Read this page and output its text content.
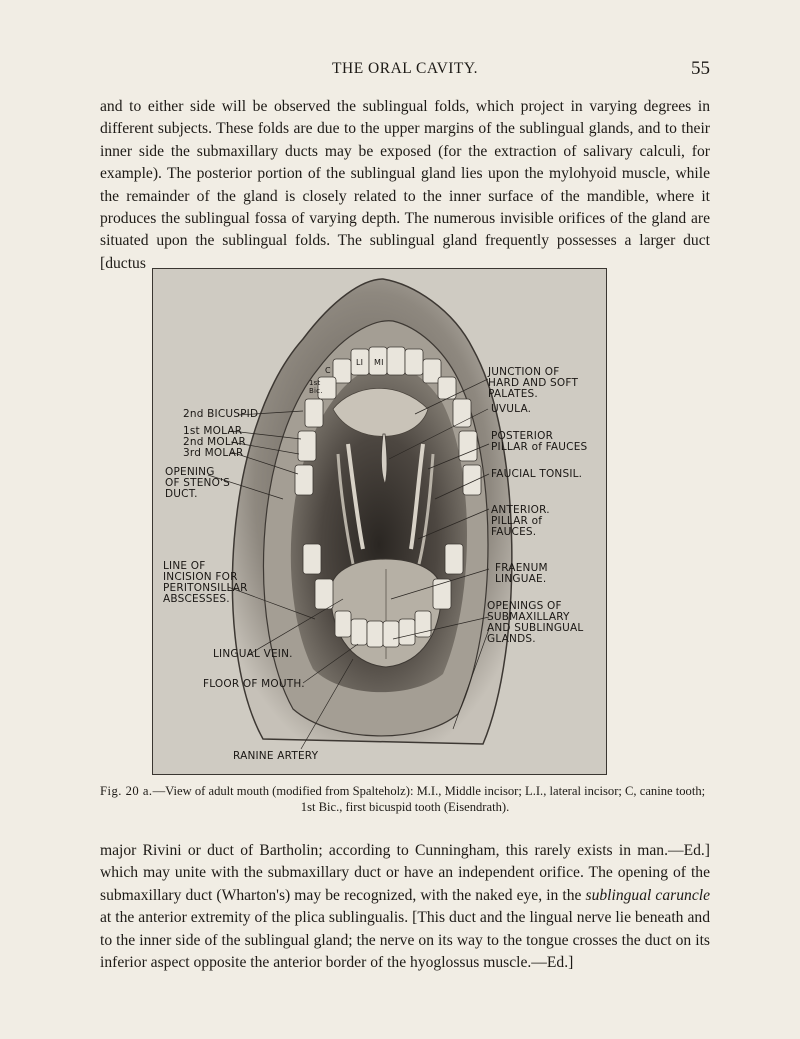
THE ORAL CAVITY.	55

and to either side will be observed the sublingual folds, which project in varying degrees in different subjects. These folds are due to the upper margins of the sublingual glands, and to their inner side the submaxillary ducts may be exposed (for the extraction of salivary calculi, for example). The posterior portion of the sublingual gland lies upon the mylohyoid muscle, while the remainder of the gland is closely related to the inner surface of the mandible, where it produces the sublingual fossa of varying depth. The numerous invisible orifices of the gland are situated upon the sublingual folds. The sublingual gland frequently possesses a larger duct [ductus

JUNCTION OF
HARD AND SOFT
PALATES.
UVULA.
POSTERIOR
PILLAR of FAUCES
FAUCIAL TONSIL.
ANTERIOR.
PILLAR of
FAUCES.
FRAENUM
LINGUAE.
OPENINGS OF
SUBMAXILLARY
AND SUBLINGUAL
GLANDS.
2nd BICUSPID
1st MOLAR
2nd MOLAR
3rd MOLAR
OPENING
OF STENO'S
DUCT.
LINE OF
INCISION FOR
PERITONSILLAR
ABSCESSES.
LINGUAL VEIN.
FLOOR OF MOUTH.
RANINE ARTERY
LI MI
C
1st
Bic.

Fig. 20 a.—View of adult mouth (modified from Spalteholz): M.I., Middle incisor; L.I., lateral incisor; C, canine tooth;
1st Bic., first bicuspid tooth (Eisendrath).

major Rivini or duct of Bartholin; according to Cunningham, this rarely exists in man.—Ed.] which may unite with the submaxillary duct or have an independent orifice. The opening of the submaxillary duct (Wharton's) may be recognized, with the naked eye, in the sublingual caruncle at the anterior extremity of the plica sublingualis. [This duct and the lingual nerve lie beneath and to the inner side of the sublingual gland; the nerve on its way to the tongue crosses the duct on its inferior aspect opposite the anterior border of the hyoglossus muscle.—Ed.]
